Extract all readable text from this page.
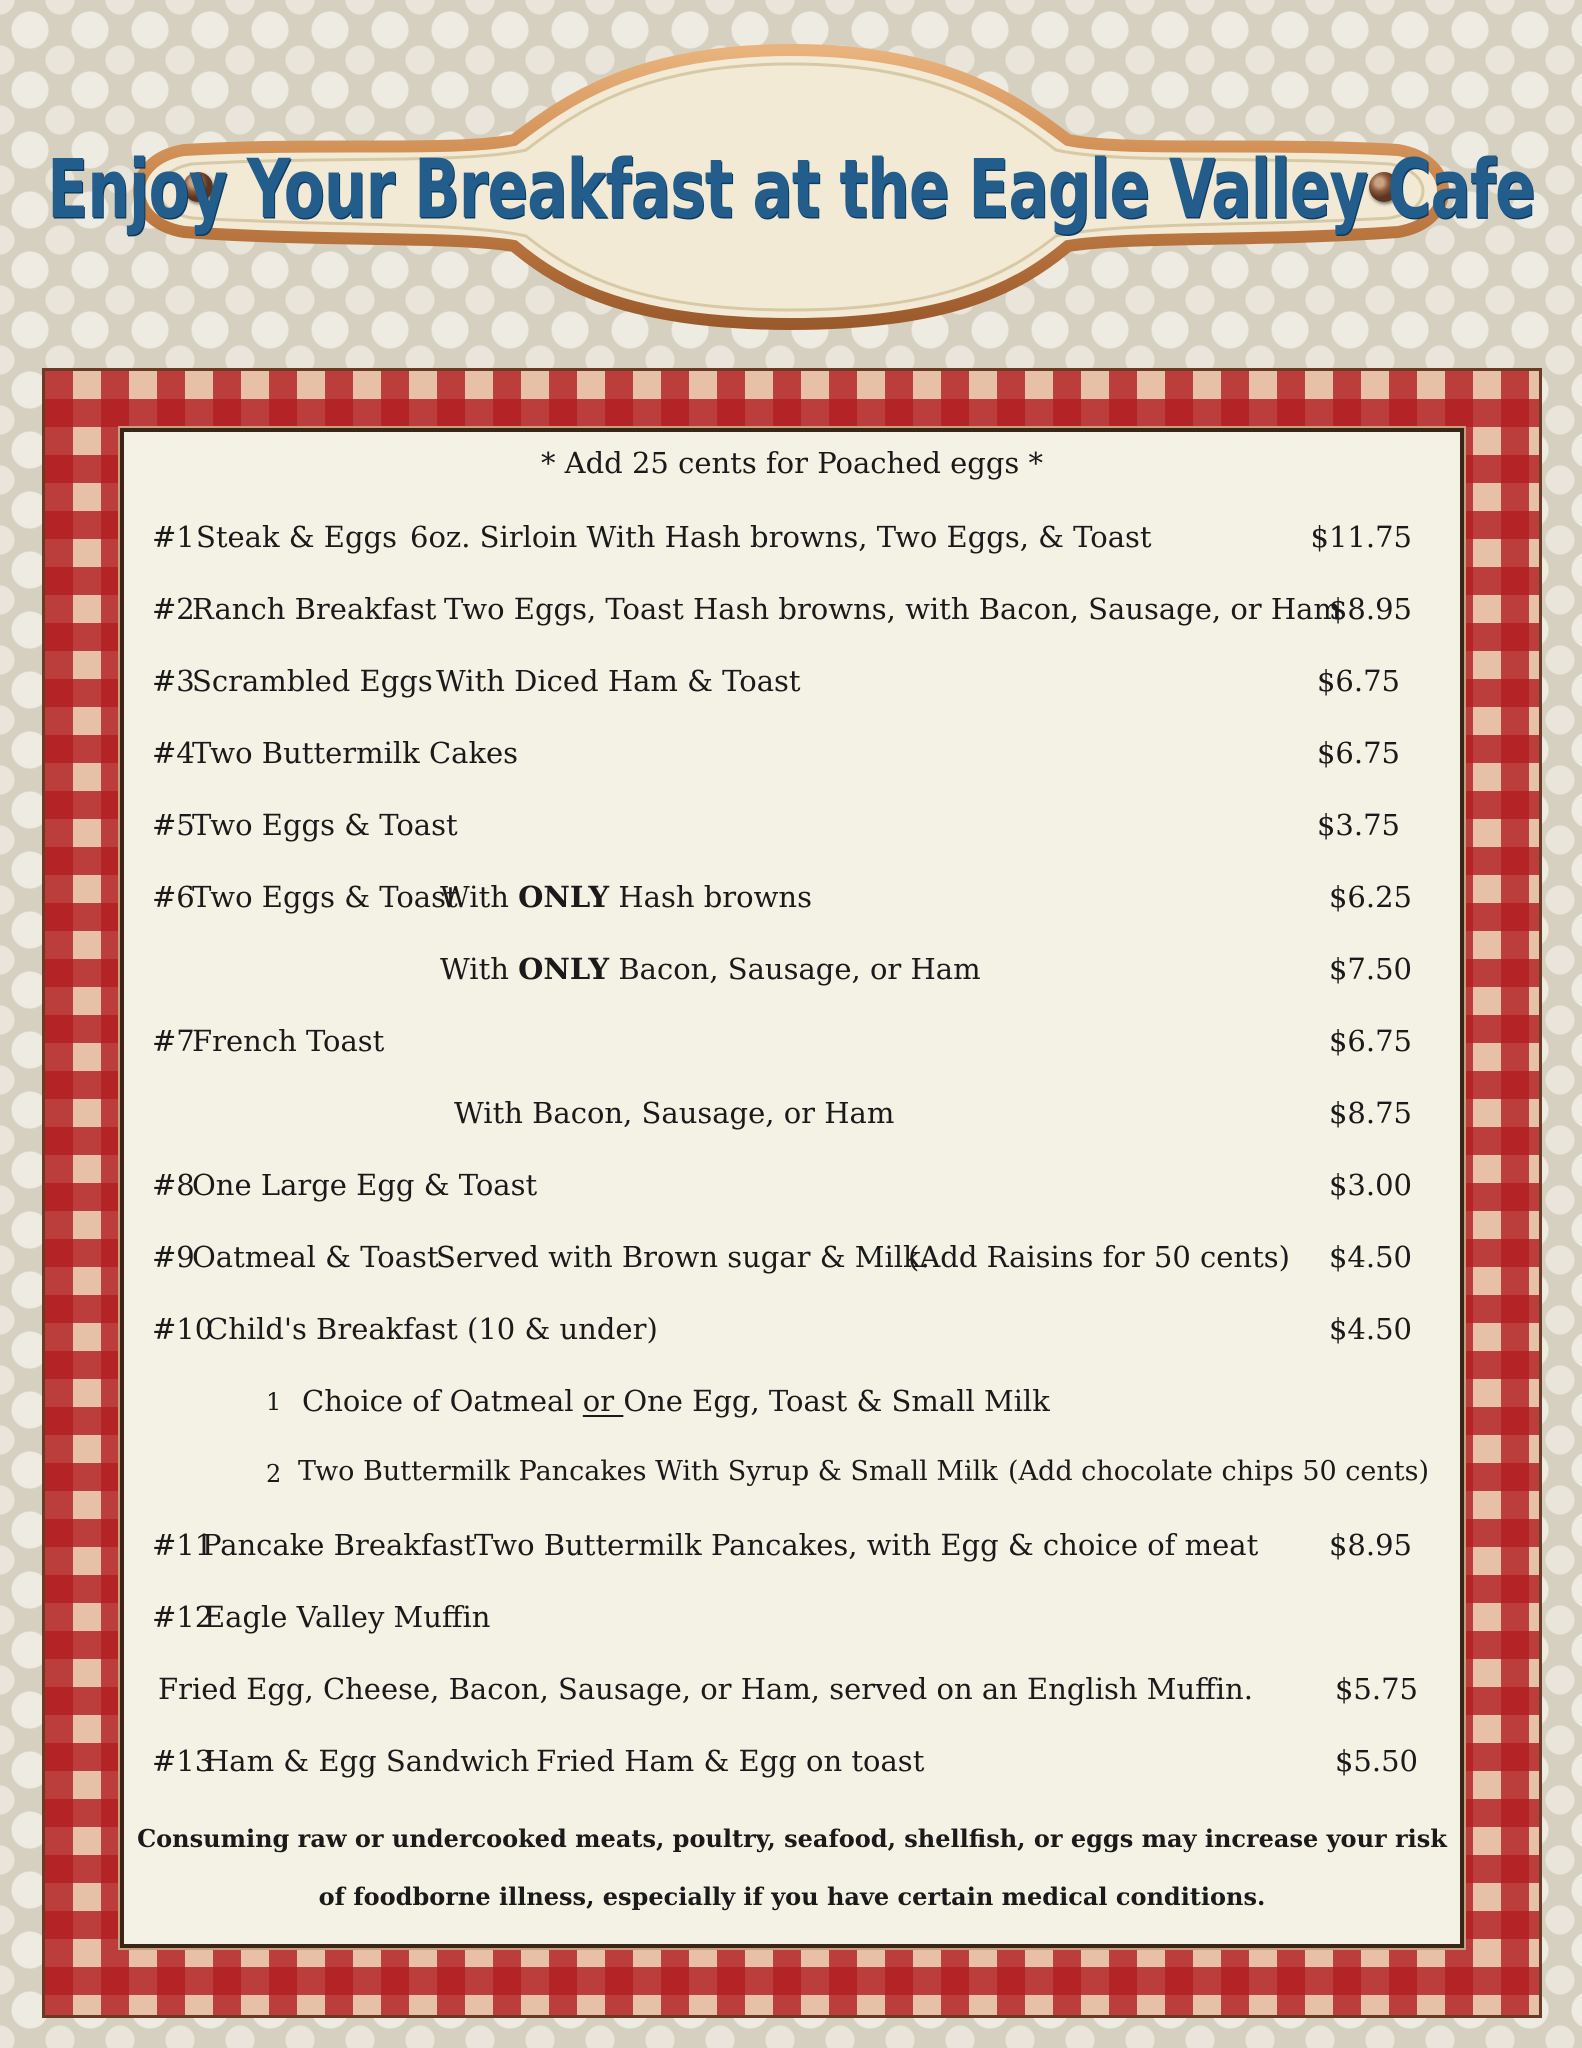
Enjoy Your Breakfast at the Eagle Valley Cafe
* Add 25 cents for Poached eggs *
#1 Steak & Eggs 6oz. Sirloin With Hash browns, Two Eggs, & Toast	$11.75
#2
Ranch Breakfast Two Eggs, Toast Hash browns, with Bacon, Sausage, or Ham
$8.95
#3
Scrambled Eggs With Diced Ham & Toast	$6.75
#4
Two Buttermilk Cakes	$6.75
#5
Two Eggs & Toast	$3.75
#6
Two Eggs & Toast
With ONLY Hash browns	$6.25
With ONLY Bacon, Sausage, or Ham	$7.50
#7
French Toast	$6.75
With Bacon, Sausage, or Ham	$8.75
#8
One Large Egg & Toast	$3.00
#9
Oatmeal & Toast
Served with Brown sugar & Milk.
(Add Raisins for 50 cents) $4.50
#10
Child's Breakfast (10 & under)	$4.50
1 Choice of Oatmeal or One Egg, Toast & Small Milk
2 Two Buttermilk Pancakes With Syrup & Small Milk (Add chocolate chips 50 cents)
#11
Pancake Breakfast
Two Buttermilk Pancakes, with Egg & choice of meat $8.95
#12
Eagle Valley Muffin
Fried Egg, Cheese, Bacon, Sausage, or Ham, served on an English Muffin.	$5.75
#13
Ham & Egg Sandwich Fried Ham & Egg on toast	$5.50
Consuming raw or undercooked meats, poultry, seafood, shellfish, or eggs may increase your risk
of foodborne illness, especially if you have certain medical conditions.
